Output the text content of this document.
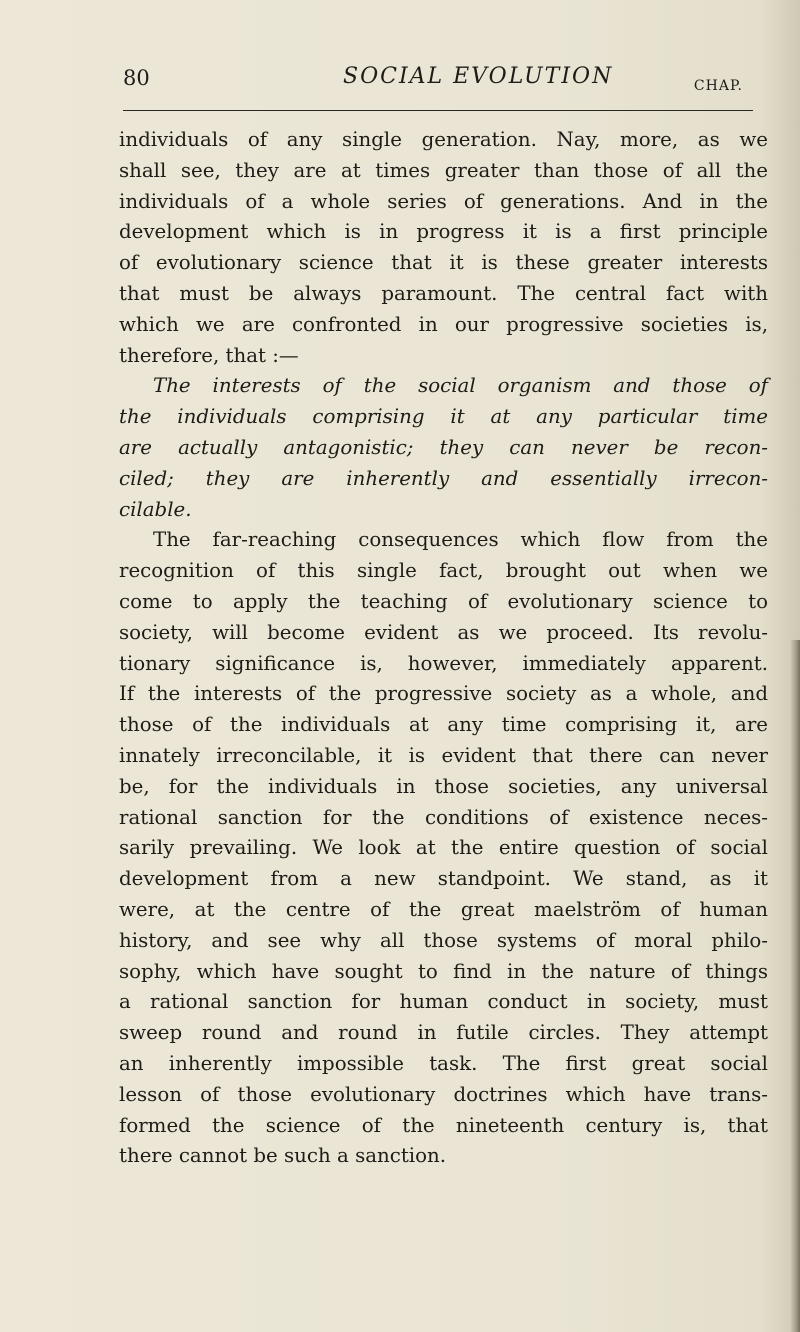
80	SOCIAL EVOLUTION	CHAP.
individuals of any single generation. Nay, more, as we
shall see, they are at times greater than those of all the
individuals of a whole series of generations. And in the
development which is in progress it is a first principle
of evolutionary science that it is these greater interests
that must be always paramount. The central fact with
which we are confronted in our progressive societies is,
therefore, that :—
The interests of the social organism and those of
the individuals comprising it at any particular time
are actually antagonistic; they can never be recon-
ciled; they are inherently and essentially irrecon-
cilable.
The far-reaching consequences which flow from the
recognition of this single fact, brought out when we
come to apply the teaching of evolutionary science to
society, will become evident as we proceed. Its revolu-
tionary significance is, however, immediately apparent.
If the interests of the progressive society as a whole, and
those of the individuals at any time comprising it, are
innately irreconcilable, it is evident that there can never
be, for the individuals in those societies, any universal
rational sanction for the conditions of existence neces-
sarily prevailing. We look at the entire question of social
development from a new standpoint. We stand, as it
were, at the centre of the great maelström of human
history, and see why all those systems of moral philo-
sophy, which have sought to find in the nature of things
a rational sanction for human conduct in society, must
sweep round and round in futile circles. They attempt
an inherently impossible task. The first great social
lesson of those evolutionary doctrines which have trans-
formed the science of the nineteenth century is, that
there cannot be such a sanction.
